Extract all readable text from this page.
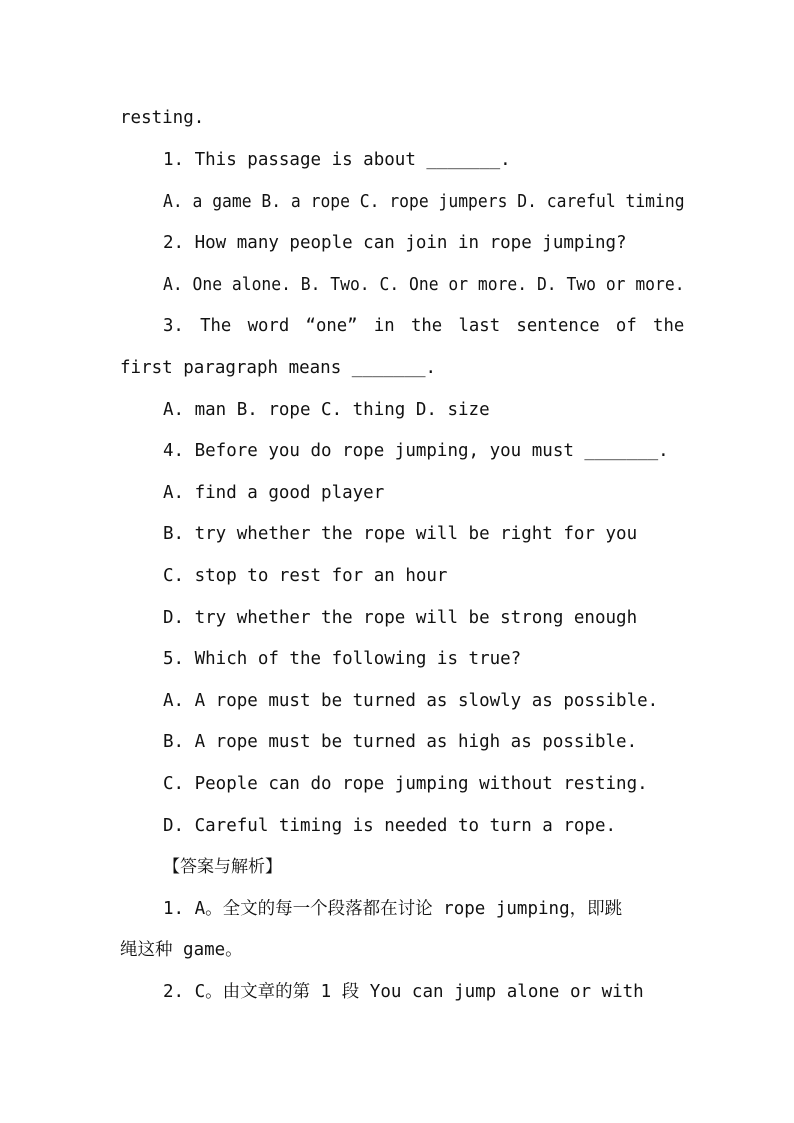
resting.
1. This passage is about _______.
A. a game B. a rope C. rope jumpers D. careful timing
2. How many people can join in rope jumping?
A. One alone. B. Two. C. One or more. D. Two or more.
3. The word “one” in the last sentence of the
first paragraph means _______.
A. man B. rope C. thing D. size
4. Before you do rope jumping, you must _______.
A. find a good player
B. try whether the rope will be right for you
C. stop to rest for an hour
D. try whether the rope will be strong enough
5. Which of the following is true?
A. A rope must be turned as slowly as possible.
B. A rope must be turned as high as possible.
C. People can do rope jumping without resting.
D. Careful timing is needed to turn a rope.
【答案与解析】
1. A。全文的每一个段落都在讨论 rope jumping，即跳
绳这种 game。
2. C。由文章的第 1 段 You can jump alone or with
